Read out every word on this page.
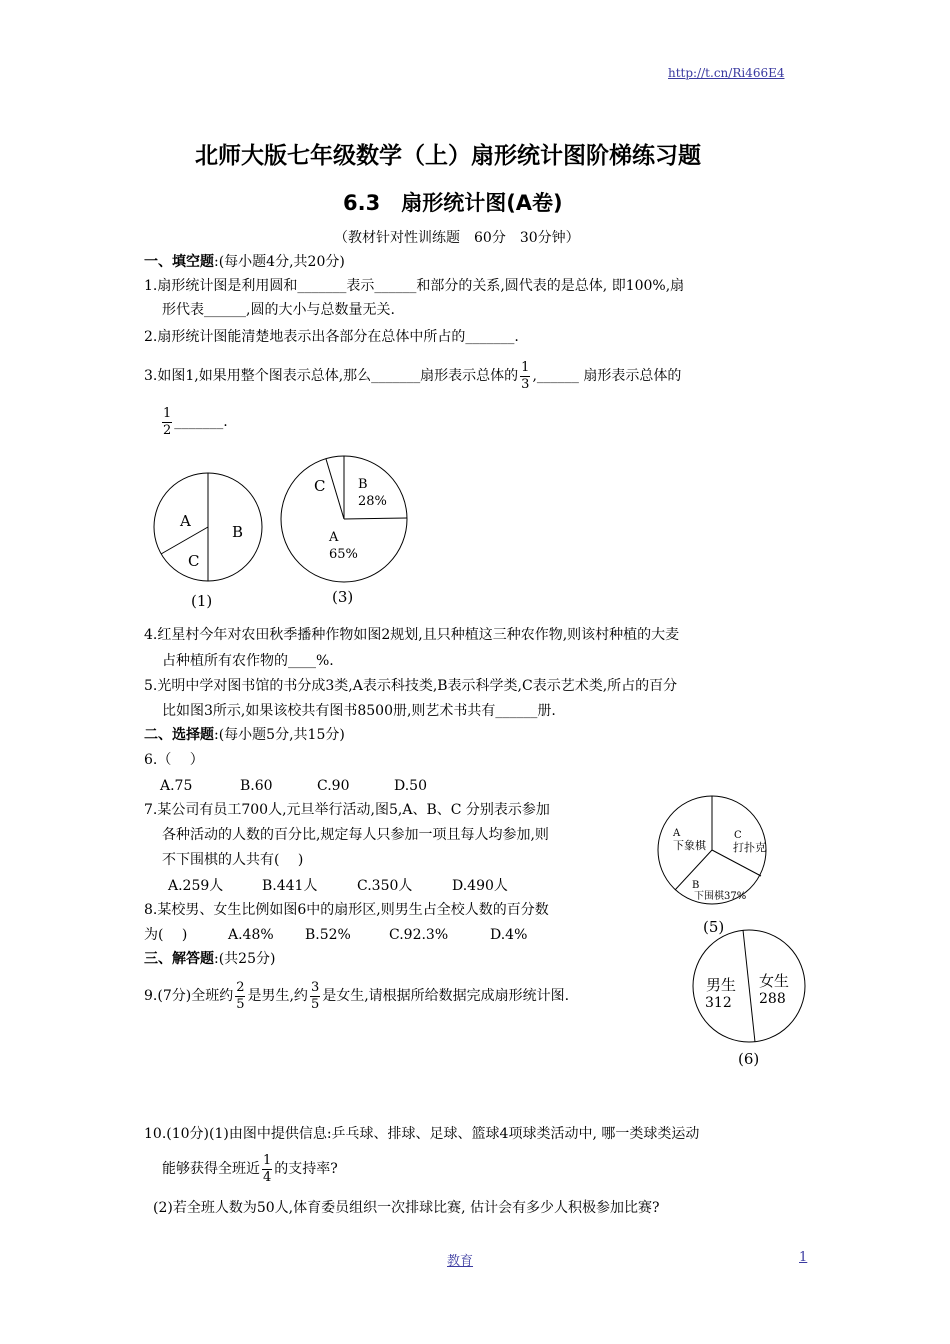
http://t.cn/Ri466E4
北师大版七年级数学（上）扇形统计图阶梯练习题
6.3　扇形统计图(A卷)
（教材针对性训练题　60分　30分钟）
一、填空题:(每小题4分,共20分)
1.扇形统计图是利用圆和_______表示______和部分的关系,圆代表的是总体, 即100%,扇
形代表______,圆的大小与总数量无关.
2.扇形统计图能清楚地表示出各部分在总体中所占的_______.
3.如图1,如果用整个图表示总体,那么_______扇形表示总体的 $\frac{1}{3}$ ,______ 扇形表示总体的
$\frac{1}{2}$ _______.
A
B
C
(1)
C	B
28%
A
65%
(3)
4.红星村今年对农田秋季播种作物如图2规划,且只种植这三种农作物,则该村种植的大麦
占种植所有农作物的____%.
5.光明中学对图书馆的书分成3类,A表示科技类,B表示科学类,C表示艺术类,所占的百分
比如图3所示,如果该校共有图书8500册,则艺术书共有______册.
二、选择题:(每小题5分,共15分)
6.（　 ）
A.75	B.60	C.90	D.50
7.某公司有员工700人,元旦举行活动,图5,A、B、C 分别表示参加
各种活动的人数的百分比,规定每人只参加一项且每人均参加,则
不下围棋的人共有(　 )
A.259人	B.441人	C.350人	D.490人
8.某校男、女生比例如图6中的扇形区,则男生占全校人数的百分数
为(　 )	A.48% B.52%	C.92.3%	D.4%
A
下象棋
C
打扑克
B
下围棋37%
(5)
男生
312
女生
288
(6)
三、解答题:(共25分)
9.(7分)全班约 $\frac{2}{5}$ 是男生,约 $\frac{3}{5}$ 是女生,请根据所给数据完成扇形统计图.
10.(10分)(1)由图中提供信息:乒乓球、排球、足球、篮球4项球类活动中, 哪一类球类运动
能够获得全班近 $\frac{1}{4}$ 的支持率?
(2)若全班人数为50人,体育委员组织一次排球比赛, 估计会有多少人积极参加比赛?
教育	1
